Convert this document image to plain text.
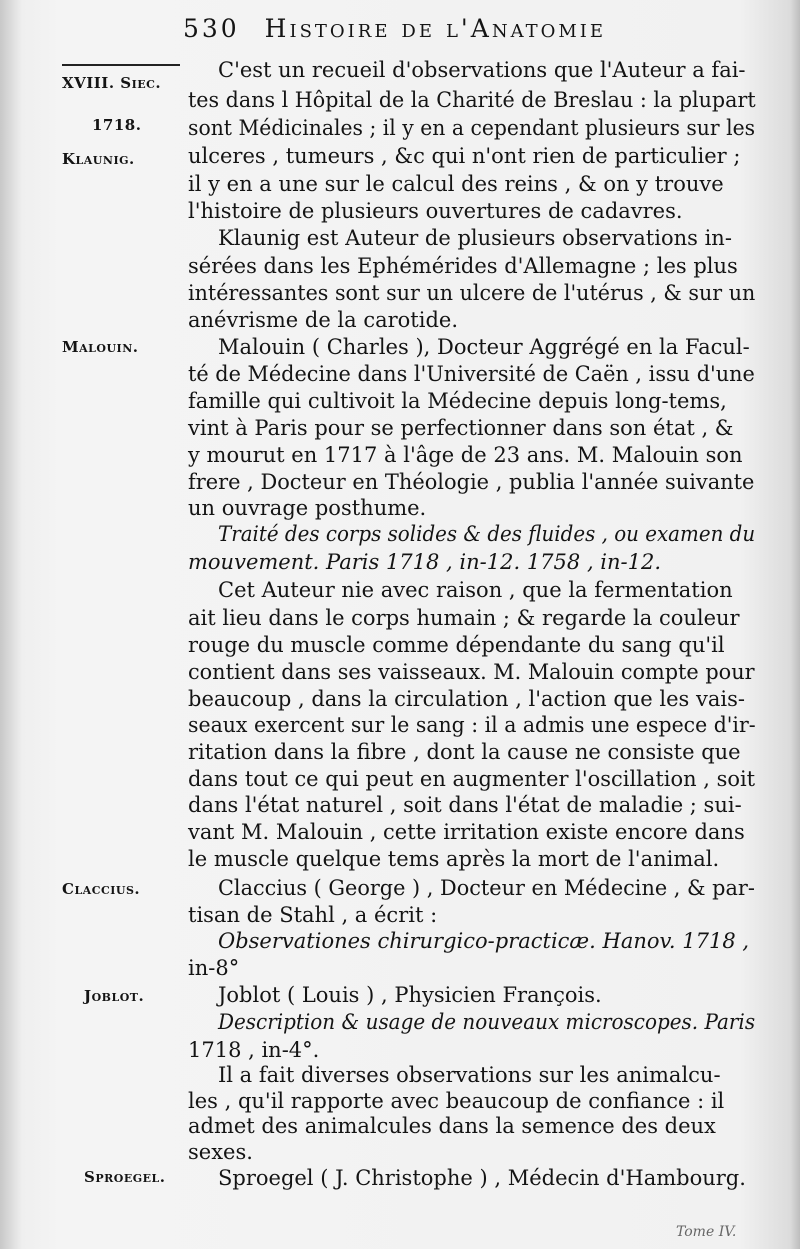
530 Histoire de l'Anatomie
XVIII. Siec.
1718.
Klaunig.
Malouin.
Claccius.
Joblot.
Sproegel.
C'est un recueil d'observations que l'Auteur a fai-
tes dans l Hôpital de la Charité de Breslau : la plupart
sont Médicinales ; il y en a cependant plusieurs sur les
ulceres , tumeurs , &c qui n'ont rien de particulier ;
il y en a une sur le calcul des reins , & on y trouve
l'histoire de plusieurs ouvertures de cadavres.
Klaunig est Auteur de plusieurs observations in-
sérées dans les Ephémérides d'Allemagne ; les plus
intéressantes sont sur un ulcere de l'utérus , & sur un
anévrisme de la carotide.
Malouin ( Charles ), Docteur Aggrégé en la Facul-
té de Médecine dans l'Université de Caën , issu d'une
famille qui cultivoit la Médecine depuis long-tems,
vint à Paris pour se perfectionner dans son état , &
y mourut en 1717 à l'âge de 23 ans. M. Malouin son
frere , Docteur en Théologie , publia l'année suivante
un ouvrage posthume.
Traité des corps solides & des fluides , ou examen du
mouvement. Paris 1718 , in-12. 1758 , in-12.
Cet Auteur nie avec raison , que la fermentation
ait lieu dans le corps humain ; & regarde la couleur
rouge du muscle comme dépendante du sang qu'il
contient dans ses vaisseaux. M. Malouin compte pour
beaucoup , dans la circulation , l'action que les vais-
seaux exercent sur le sang : il a admis une espece d'ir-
ritation dans la fibre , dont la cause ne consiste que
dans tout ce qui peut en augmenter l'oscillation , soit
dans l'état naturel , soit dans l'état de maladie ; sui-
vant M. Malouin , cette irritation existe encore dans
le muscle quelque tems après la mort de l'animal.
Claccius ( George ) , Docteur en Médecine , & par-
tisan de Stahl , a écrit :
Observationes chirurgico-practicæ. Hanov. 1718 ,
in-8°
Joblot ( Louis ) , Physicien François.
Description & usage de nouveaux microscopes. Paris
1718 , in-4°.
Il a fait diverses observations sur les animalcu-
les , qu'il rapporte avec beaucoup de confiance : il
admet des animalcules dans la semence des deux
sexes.
Sproegel ( J. Christophe ) , Médecin d'Hambourg.
Tome IV.
